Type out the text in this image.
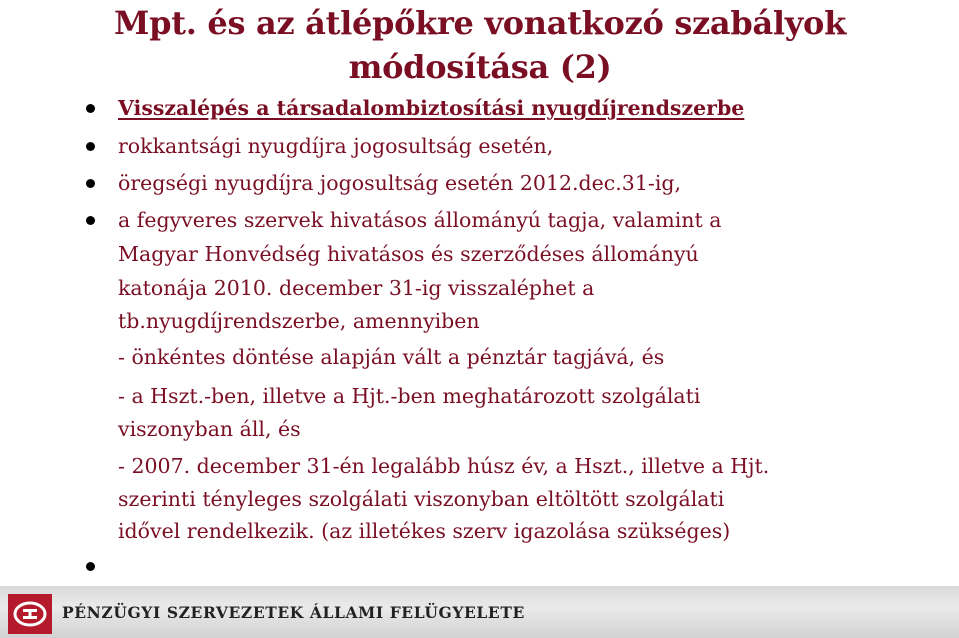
Mpt. és az átlépőkre vonatkozó szabályok
módosítása (2)
Visszalépés a társadalombiztosítási nyugdíjrendszerbe
rokkantsági nyugdíjra jogosultság esetén,
öregségi nyugdíjra jogosultság esetén 2012.dec.31-ig,
a fegyveres szervek hivatásos állományú tagja, valamint a
Magyar Honvédség hivatásos és szerződéses állományú
katonája 2010. december 31-ig visszaléphet a
tb.nyugdíjrendszerbe, amennyiben
- önkéntes döntése alapján vált a pénztár tagjává, és
- a Hszt.-ben, illetve a Hjt.-ben meghatározott szolgálati
viszonyban áll, és
- 2007. december 31-én legalább húsz év, a Hszt., illetve a Hjt.
szerinti tényleges szolgálati viszonyban eltöltött szolgálati
idővel rendelkezik. (az illetékes szerv igazolása szükséges)
PÉNZÜGYI SZERVEZETEK ÁLLAMI FELÜGYELETE
